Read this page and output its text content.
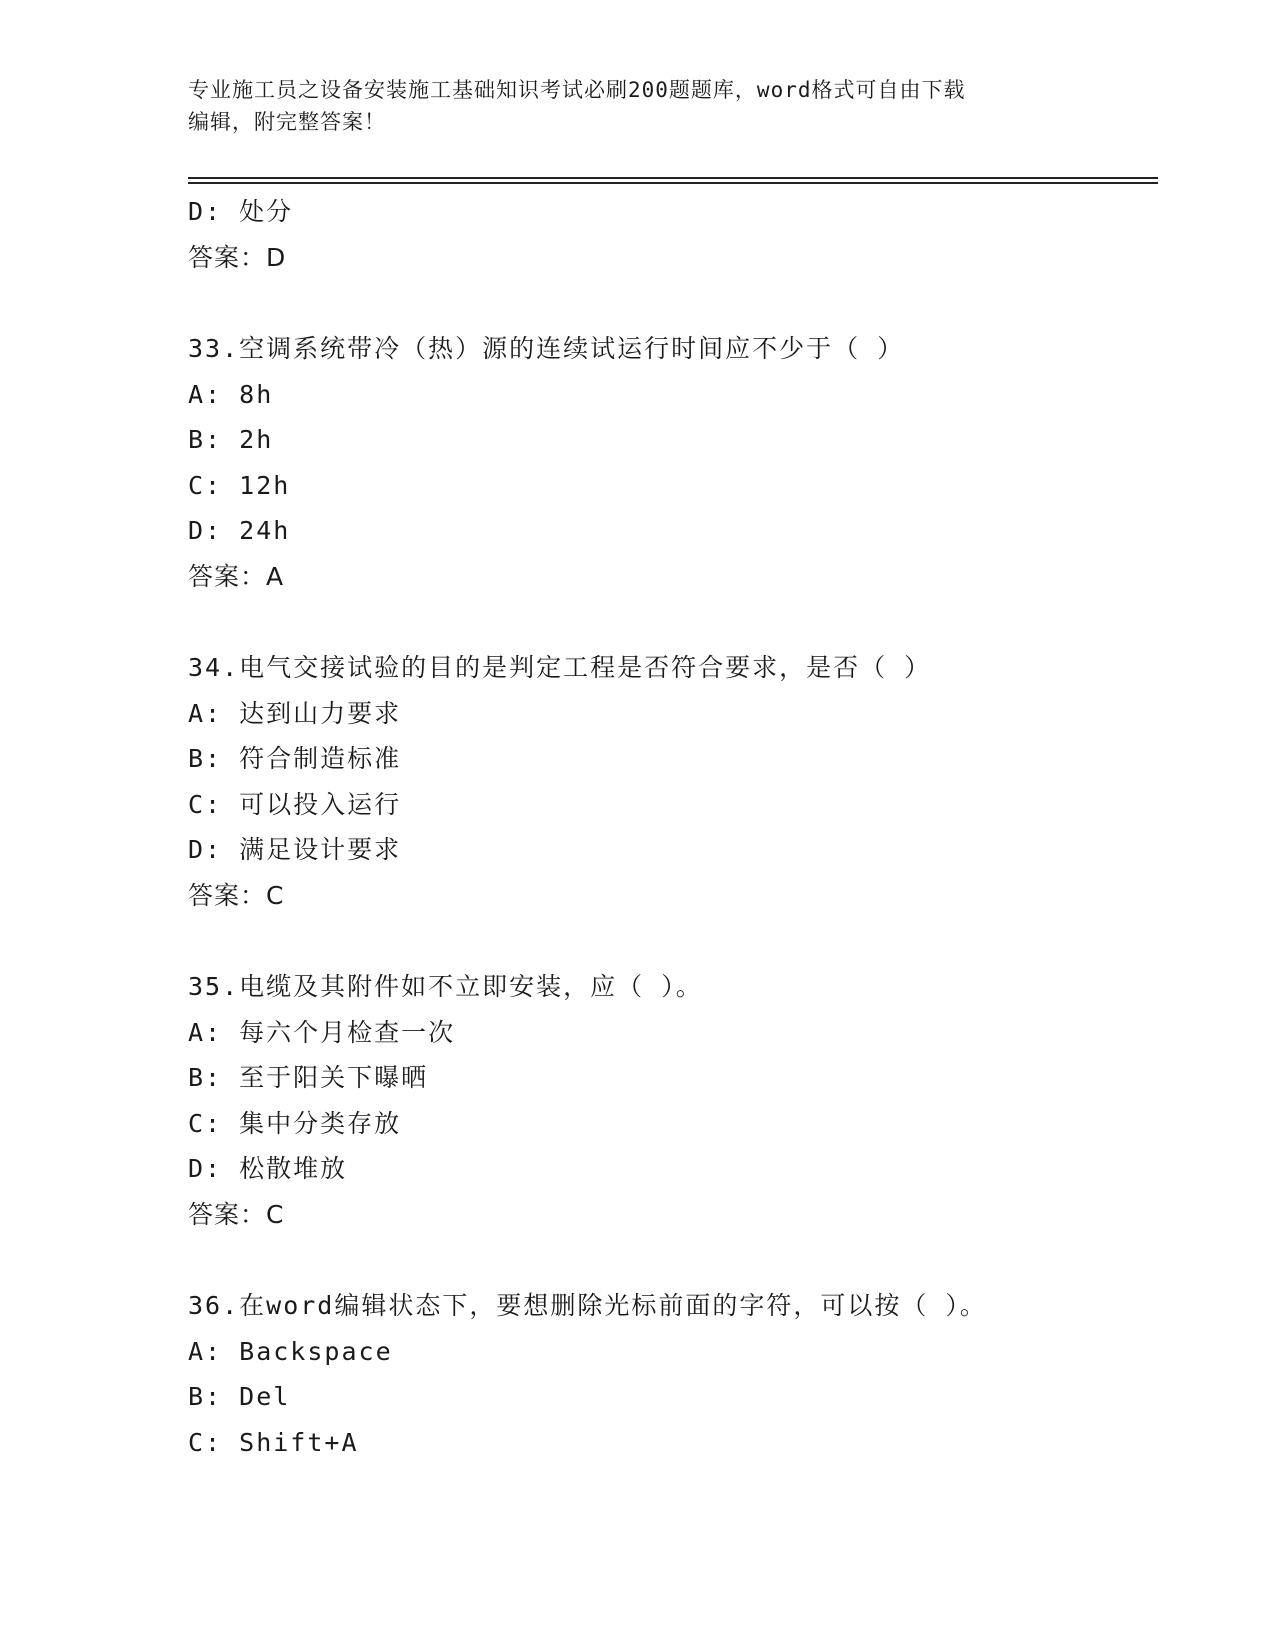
专业施工员之设备安装施工基础知识考试必刷200题题库，word格式可自由下载
编辑，附完整答案！
D: 处分
答案：D
33.空调系统带冷（热）源的连续试运行时间应不少于（ ）
A: 8h
B: 2h
C: 12h
D: 24h
答案：A
34.电气交接试验的目的是判定工程是否符合要求，是否（ ）
A: 达到山力要求
B: 符合制造标准
C: 可以投入运行
D: 满足设计要求
答案：C
35.电缆及其附件如不立即安装，应（ ）。
A: 每六个月检查一次
B: 至于阳关下曝晒
C: 集中分类存放
D: 松散堆放
答案：C
36.在word编辑状态下，要想删除光标前面的字符，可以按（ ）。
A: Backspace
B: Del
C: Shift+A
